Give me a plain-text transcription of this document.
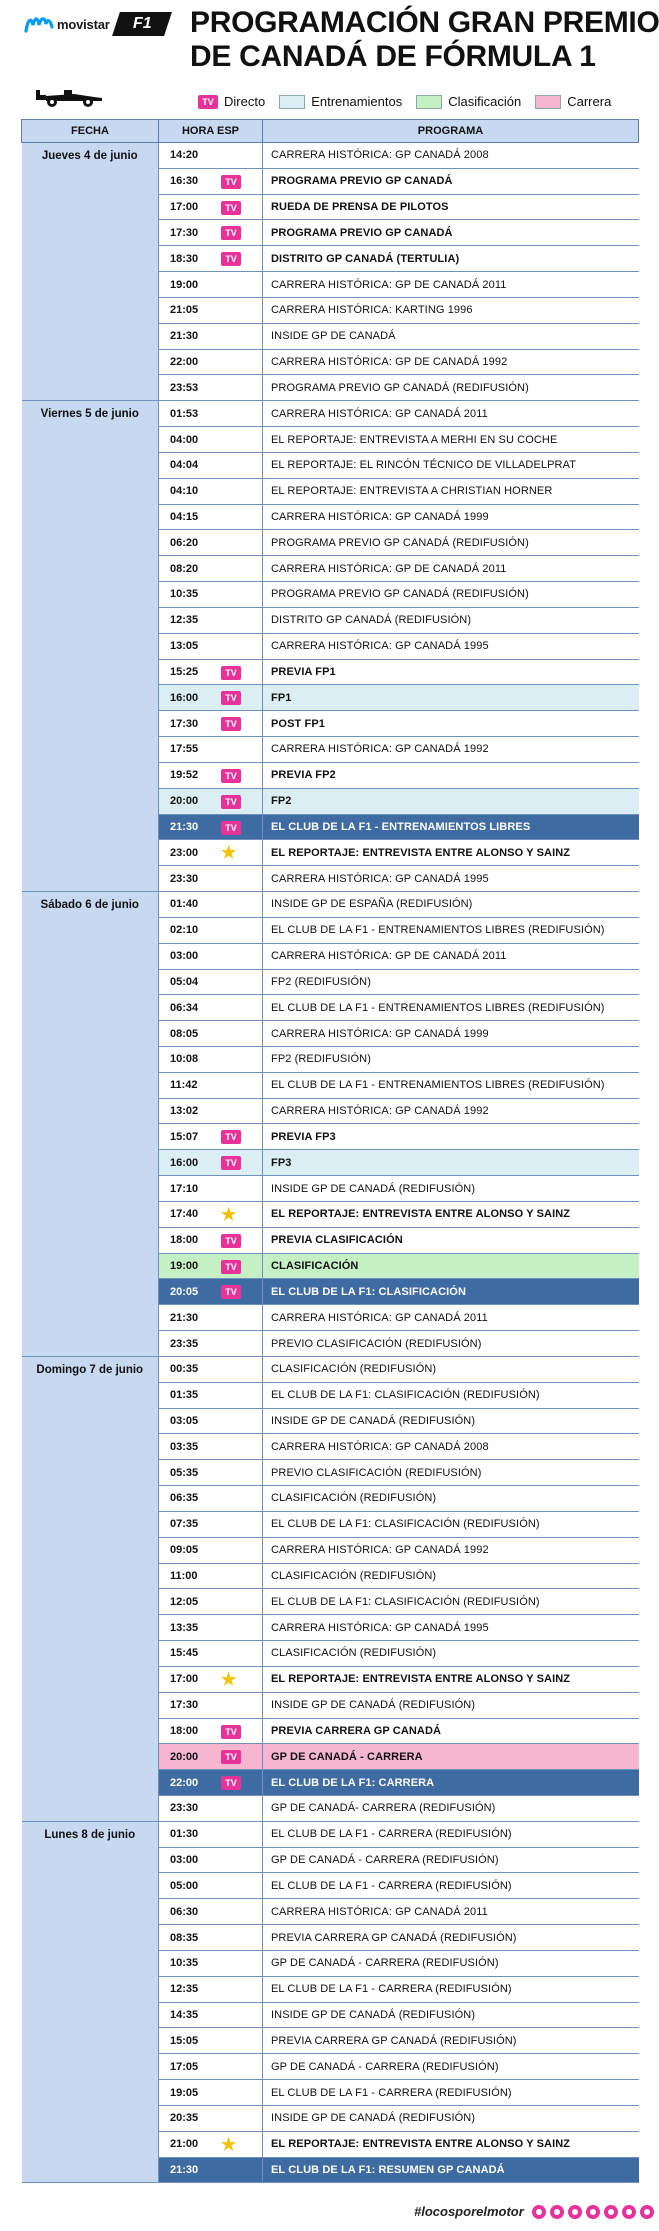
movistar F1 PROGRAMACIÓN GRAN PREMIO
DE CANADÁ DE FÓRMULA 1
TV Directo	Entrenamientos	Clasificación	Carrera
FECHA	HORA ESP	PROGRAMA
Jueves 4 de junio	14:20	CARRERA HISTÓRICA: GP CANADÁ 2008
	16:30 TV	PROGRAMA PREVIO GP CANADÁ
	17:00 TV	RUEDA DE PRENSA DE PILOTOS
	17:30 TV	PROGRAMA PREVIO GP CANADÁ
	18:30 TV	DISTRITO GP CANADÁ (TERTULIA)
	19:00	CARRERA HISTÓRICA: GP DE CANADÁ 2011
	21:05	CARRERA HISTÓRICA: KARTING 1996
	21:30	INSIDE GP DE CANADÁ
	22:00	CARRERA HISTÓRICA: GP DE CANADÁ 1992
	23:53	PROGRAMA PREVIO GP CANADÁ (REDIFUSIÓN)
Viernes 5 de junio	01:53	CARRERA HISTÓRICA: GP CANADÁ 2011
	04:00	EL REPORTAJE: ENTREVISTA A MERHI EN SU COCHE
	04:04	EL REPORTAJE: EL RINCÓN TÉCNICO DE VILLADELPRAT
	04:10	EL REPORTAJE: ENTREVISTA A CHRISTIAN HORNER
	04:15	CARRERA HISTÓRICA: GP CANADÁ 1999
	06:20	PROGRAMA PREVIO GP CANADÁ (REDIFUSIÓN)
	08:20	CARRERA HISTÓRICA: GP DE CANADÁ 2011
	10:35	PROGRAMA PREVIO GP CANADÁ (REDIFUSIÓN)
	12:35	DISTRITO GP CANADÁ (REDIFUSIÓN)
	13:05	CARRERA HISTÓRICA: GP CANADÁ 1995
	15:25 TV	PREVIA FP1
	16:00 TV	FP1
	17:30 TV	POST FP1
	17:55	CARRERA HISTÓRICA: GP CANADÁ 1992
	19:52 TV	PREVIA FP2
	20:00 TV	FP2
	21:30 TV	EL CLUB DE LA F1 - ENTRENAMIENTOS LIBRES
	23:00 ★	EL REPORTAJE: ENTREVISTA ENTRE ALONSO Y SAINZ
	23:30	CARRERA HISTÓRICA: GP CANADÁ 1995
Sábado 6 de junio	01:40	INSIDE GP DE ESPAÑA (REDIFUSIÓN)
	02:10	EL CLUB DE LA F1 - ENTRENAMIENTOS LIBRES (REDIFUSIÓN)
	03:00	CARRERA HISTÓRICA: GP DE CANADÁ 2011
	05:04	FP2 (REDIFUSIÓN)
	06:34	EL CLUB DE LA F1 - ENTRENAMIENTOS LIBRES (REDIFUSIÓN)
	08:05	CARRERA HISTÓRICA: GP CANADÁ 1999
	10:08	FP2 (REDIFUSIÓN)
	11:42	EL CLUB DE LA F1 - ENTRENAMIENTOS LIBRES (REDIFUSIÓN)
	13:02	CARRERA HISTÓRICA: GP CANADÁ 1992
	15:07 TV	PREVIA FP3
	16:00 TV	FP3
	17:10	INSIDE GP DE CANADÁ (REDIFUSIÓN)
	17:40 ★	EL REPORTAJE: ENTREVISTA ENTRE ALONSO Y SAINZ
	18:00 TV	PREVIA CLASIFICACIÓN
	19:00 TV	CLASIFICACIÓN
	20:05 TV	EL CLUB DE LA F1: CLASIFICACIÓN
	21:30	CARRERA HISTÓRICA: GP CANADÁ 2011
	23:35	PREVIO CLASIFICACIÓN (REDIFUSIÓN)
Domingo 7 de junio	00:35	CLASIFICACIÓN (REDIFUSIÓN)
	01:35	EL CLUB DE LA F1: CLASIFICACIÓN (REDIFUSIÓN)
	03:05	INSIDE GP DE CANADÁ (REDIFUSIÓN)
	03:35	CARRERA HISTÓRICA: GP CANADÁ 2008
	05:35	PREVIO CLASIFICACIÓN (REDIFUSIÓN)
	06:35	CLASIFICACIÓN (REDIFUSIÓN)
	07:35	EL CLUB DE LA F1: CLASIFICACIÓN (REDIFUSIÓN)
	09:05	CARRERA HISTÓRICA: GP CANADÁ 1992
	11:00	CLASIFICACIÓN (REDIFUSIÓN)
	12:05	EL CLUB DE LA F1: CLASIFICACIÓN (REDIFUSIÓN)
	13:35	CARRERA HISTÓRICA: GP CANADÁ 1995
	15:45	CLASIFICACIÓN (REDIFUSIÓN)
	17:00 ★	EL REPORTAJE: ENTREVISTA ENTRE ALONSO Y SAINZ
	17:30	INSIDE GP DE CANADÁ (REDIFUSIÓN)
	18:00 TV	PREVIA CARRERA GP CANADÁ
	20:00 TV	GP DE CANADÁ - CARRERA
	22:00 TV	EL CLUB DE LA F1: CARRERA
	23:30	GP DE CANADÁ- CARRERA (REDIFUSIÓN)
Lunes 8 de junio	01:30	EL CLUB DE LA F1 - CARRERA (REDIFUSIÓN)
	03:00	GP DE CANADÁ - CARRERA (REDIFUSIÓN)
	05:00	EL CLUB DE LA F1 - CARRERA (REDIFUSIÓN)
	06:30	CARRERA HISTÓRICA: GP CANADÁ 2011
	08:35	PREVIA CARRERA GP CANADÁ (REDIFUSIÓN)
	10:35	GP DE CANADÁ - CARRERA (REDIFUSIÓN)
	12:35	EL CLUB DE LA F1 - CARRERA (REDIFUSIÓN)
	14:35	INSIDE GP DE CANADÁ (REDIFUSIÓN)
	15:05	PREVIA CARRERA GP CANADÁ (REDIFUSIÓN)
	17:05	GP DE CANADÁ - CARRERA (REDIFUSIÓN)
	19:05	EL CLUB DE LA F1 - CARRERA (REDIFUSIÓN)
	20:35	INSIDE GP DE CANADÁ (REDIFUSIÓN)
	21:00 ★	EL REPORTAJE: ENTREVISTA ENTRE ALONSO Y SAINZ
	21:30	EL CLUB DE LA F1: RESUMEN GP CANADÁ
#locosporelmotor
